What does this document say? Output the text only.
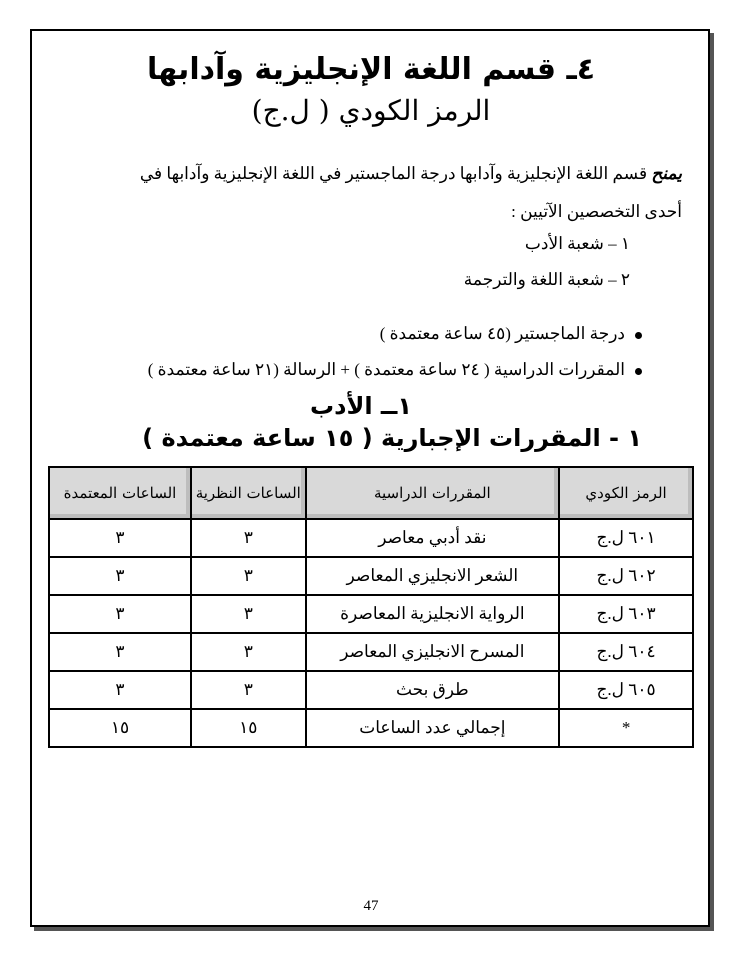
٤ـ قسم اللغة الإنجليزية وآدابها
الرمز الكودي ( ل.ج)
يمنح قسم اللغة الإنجليزية وآدابها درجة الماجستير في اللغة الإنجليزية وآدابها في
أحدى التخصصين الآتيين :
١ – شعبة الأدب
٢ – شعبة اللغة والترجمة
درجة الماجستير (٤٥ ساعة معتمدة )
المقررات الدراسية ( ٢٤ ساعة معتمدة ) + الرسالة (٢١ ساعة معتمدة )
١ــ الأدب
١ - المقررات الإجبارية ( ١٥ ساعة معتمدة )
الرمز الكودي	المقررات الدراسية	الساعات النظرية	الساعات المعتمدة
٦٠١ ل.ج	نقد أدبي معاصر	٣	٣
٦٠٢ ل.ج	الشعر الانجليزي المعاصر	٣	٣
٦٠٣ ل.ج	الرواية الانجليزية المعاصرة	٣	٣
٦٠٤ ل.ج	المسرح الانجليزي المعاصر	٣	٣
٦٠٥ ل.ج	طرق بحث	٣	٣
*	إجمالي عدد الساعات	١٥	١٥
47
